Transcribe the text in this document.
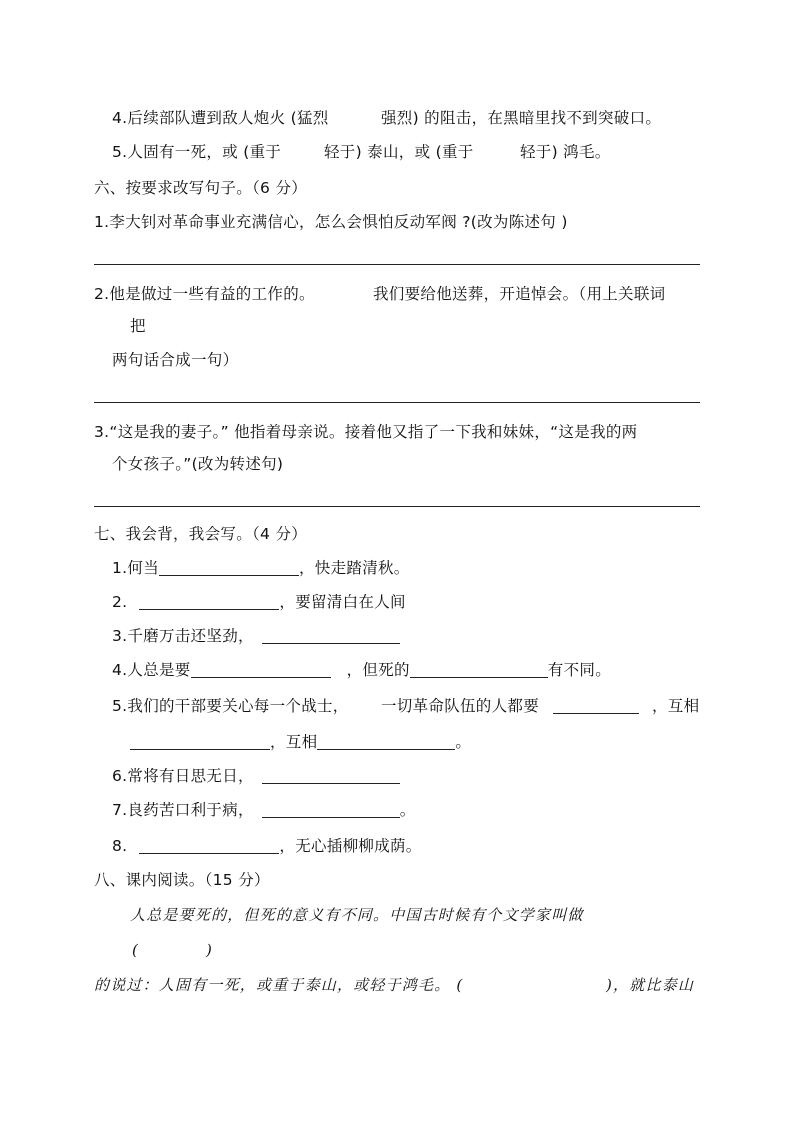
4.后续部队遭到敌人炮火 (猛烈	强烈) 的阻击，在黑暗里找不到突破口。
5.人固有一死，或 (重于	轻于) 泰山，或 (重于	轻于) 鸿毛。
六、按要求改写句子。（6 分）
1.李大钊对革命事业充满信心，怎么会惧怕反动军阀 ?(改为陈述句 )
2.他是做过一些有益的工作的。	我们要给他送葬，开追悼会。（用上关联词
把
两句话合成一句）
3.“这是我的妻子。” 他指着母亲说。接着他又指了一下我和妹妹，“这是我的两
个女孩子。”(改为转述句)
七、我会背，我会写。（4 分）
1.何当	，快走踏清秋。
2.	，要留清白在人间
3.千磨万击还坚劲，
4.人总是要	，但死的	有不同。
5.我们的干部要关心每一个战士， 一切革命队伍的人都要	，互相
，互相	。
6.常将有日思无日，
7.良药苦口利于病，	。
8.	，无心插柳柳成荫。
八、课内阅读。（15 分）
人总是要死的，但死的意义有不同。中国古时候有个文学家叫做
(	)
的说过：人固有一死，或重于泰山，或轻于鸿毛。 (	)，就比泰山
